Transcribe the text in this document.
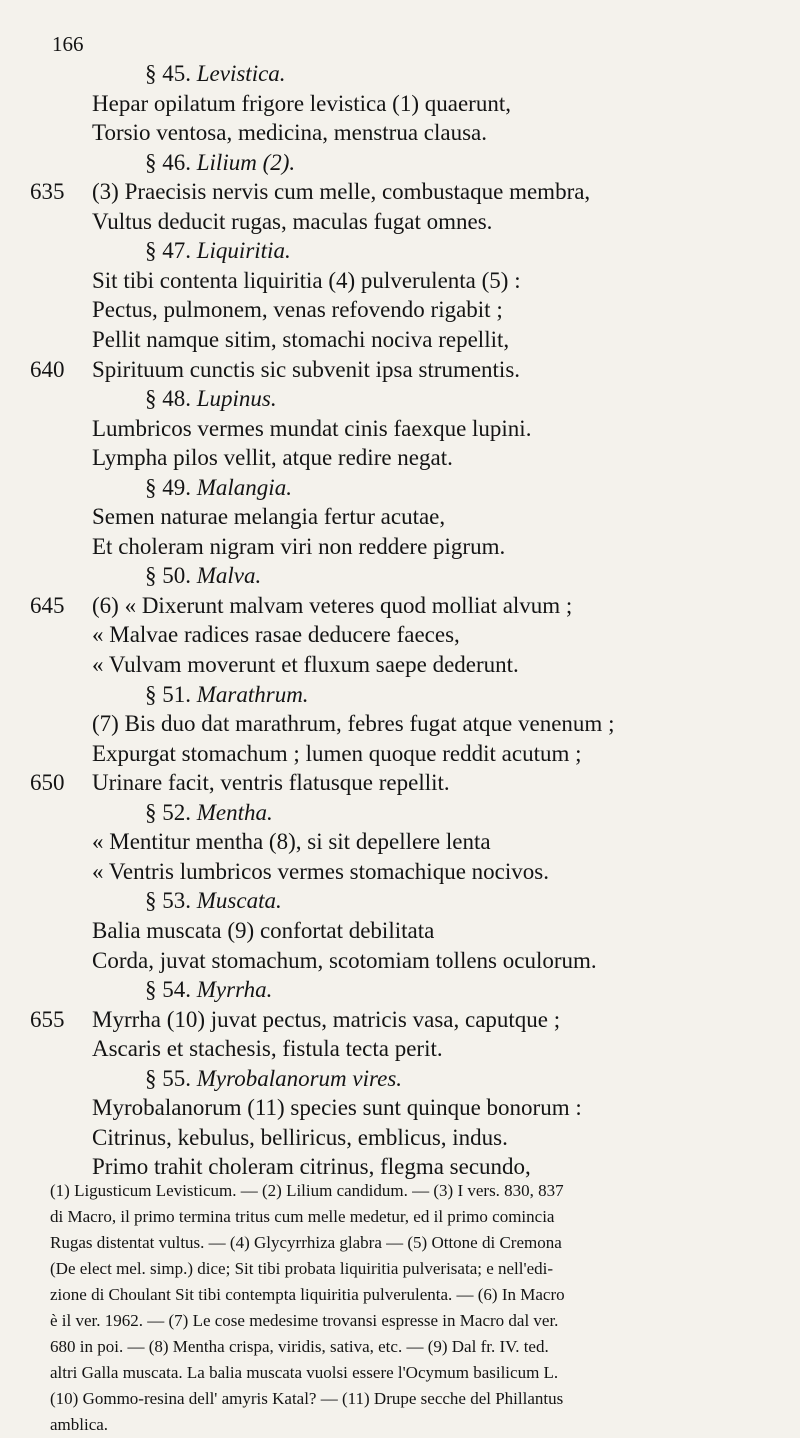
166
§ 45. Levistica.
Hepar opilatum frigore levistica (1) quaerunt,
Torsio ventosa, medicina, menstrua clausa.
§ 46. Lilium (2).
635	(3) Praecisis nervis cum melle, combustaque membra,
Vultus deducit rugas, maculas fugat omnes.
§ 47. Liquiritia.
Sit tibi contenta liquiritia (4) pulverulenta (5) :
Pectus, pulmonem, venas refovendo rigabit ;
Pellit namque sitim, stomachi nociva repellit,
640	Spirituum cunctis sic subvenit ipsa strumentis.
§ 48. Lupinus.
Lumbricos vermes mundat cinis faexque lupini.
Lympha pilos vellit, atque redire negat.
§ 49. Malangia.
Semen naturae melangia fertur acutae,
Et choleram nigram viri non reddere pigrum.
§ 50. Malva.
645	(6) « Dixerunt malvam veteres quod molliat alvum ;
« Malvae radices rasae deducere faeces,
« Vulvam moverunt et fluxum saepe dederunt.
§ 51. Marathrum.
(7) Bis duo dat marathrum, febres fugat atque venenum ;
Expurgat stomachum ; lumen quoque reddit acutum ;
650	Urinare facit, ventris flatusque repellit.
§ 52. Mentha.
« Mentitur mentha (8), si sit depellere lenta
« Ventris lumbricos vermes stomachique nocivos.
§ 53. Muscata.
Balia muscata (9) confortat debilitata
Corda, juvat stomachum, scotomiam tollens oculorum.
§ 54. Myrrha.
655	Myrrha (10) juvat pectus, matricis vasa, caputque ;
Ascaris et stachesis, fistula tecta perit.
§ 55. Myrobalanorum vires.
Myrobalanorum (11) species sunt quinque bonorum :
Citrinus, kebulus, belliricus, emblicus, indus.
Primo trahit choleram citrinus, flegma secundo,

(1) Ligusticum Levisticum. — (2) Lilium candidum. — (3) I vers. 830, 837

di Macro, il primo termina tritus cum melle medetur, ed il primo comincia

Rugas distentat vultus. — (4) Glycyrrhiza glabra — (5) Ottone di Cremona

(De elect mel. simp.) dice; Sit tibi probata liquiritia pulverisata; e nell'edi-

zione di Choulant Sit tibi contempta liquiritia pulverulenta. — (6) In Macro

è il ver. 1962. — (7) Le cose medesime trovansi espresse in Macro dal ver.

680 in poi. — (8) Mentha crispa, viridis, sativa, etc. — (9) Dal fr. IV. ted.

altri Galla muscata. La balia muscata vuolsi essere l'Ocymum basilicum L.

(10) Gommo-resina dell' amyris Katal? — (11) Drupe secche del Phillantus

amblica.
